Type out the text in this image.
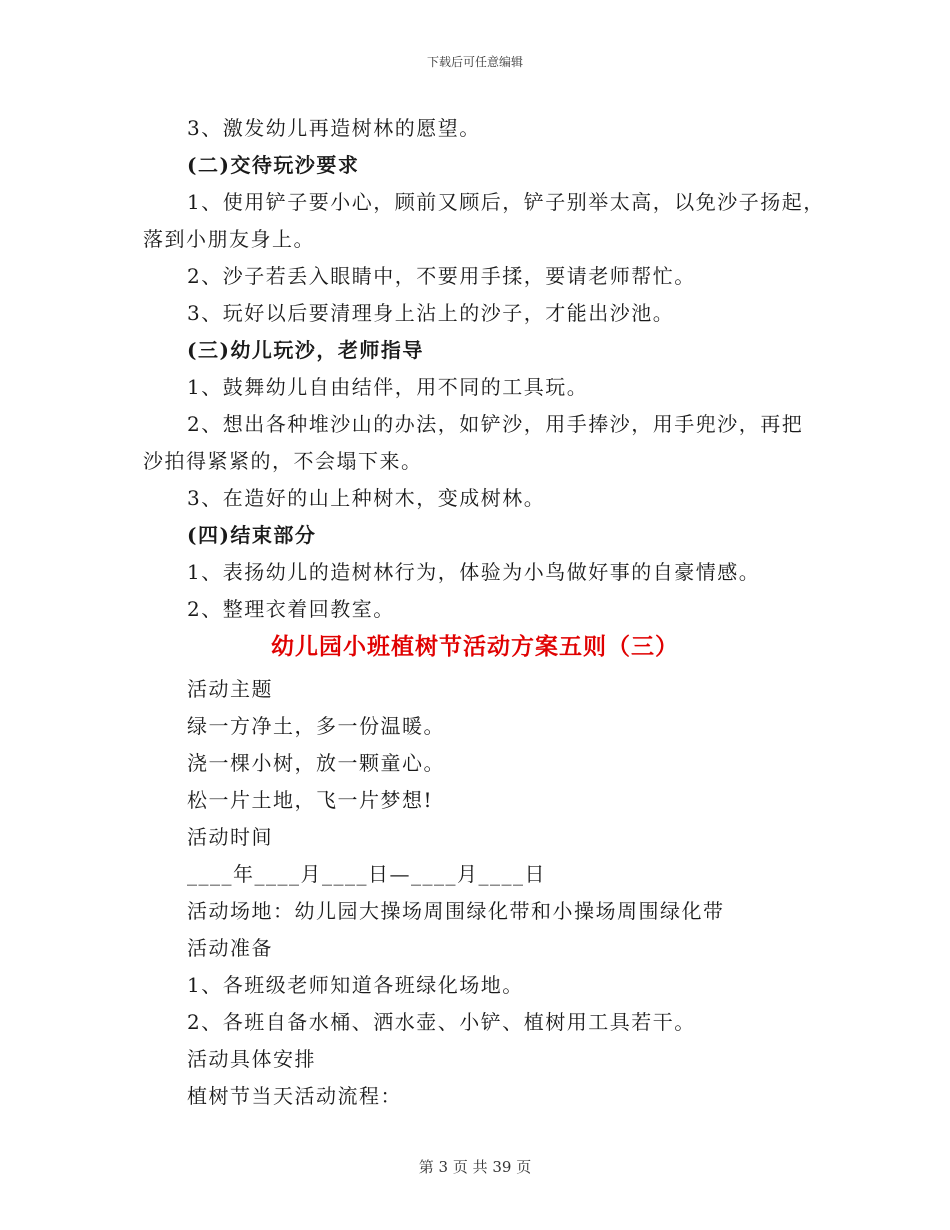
下载后可任意编辑
3、激发幼儿再造树林的愿望。
(二)交待玩沙要求
1、使用铲子要小心，顾前又顾后，铲子别举太高，以免沙子扬起，
落到小朋友身上。
2、沙子若丢入眼睛中，不要用手揉，要请老师帮忙。
3、玩好以后要清理身上沾上的沙子，才能出沙池。
(三)幼儿玩沙，老师指导
1、鼓舞幼儿自由结伴，用不同的工具玩。
2、想出各种堆沙山的办法，如铲沙，用手捧沙，用手兜沙，再把
沙拍得紧紧的，不会塌下来。
3、在造好的山上种树木，变成树林。
(四)结束部分
1、表扬幼儿的造树林行为，体验为小鸟做好事的自豪情感。
2、整理衣着回教室。
幼儿园小班植树节活动方案五则（三）
活动主题
绿一方净土，多一份温暖。
浇一棵小树，放一颗童心。
松一片土地，飞一片梦想!
活动时间
____年____月____日—____月____日
活动场地：幼儿园大操场周围绿化带和小操场周围绿化带
活动准备
1、各班级老师知道各班绿化场地。
2、各班自备水桶、洒水壶、小铲、植树用工具若干。
活动具体安排
植树节当天活动流程：
第 3 页 共 39 页
